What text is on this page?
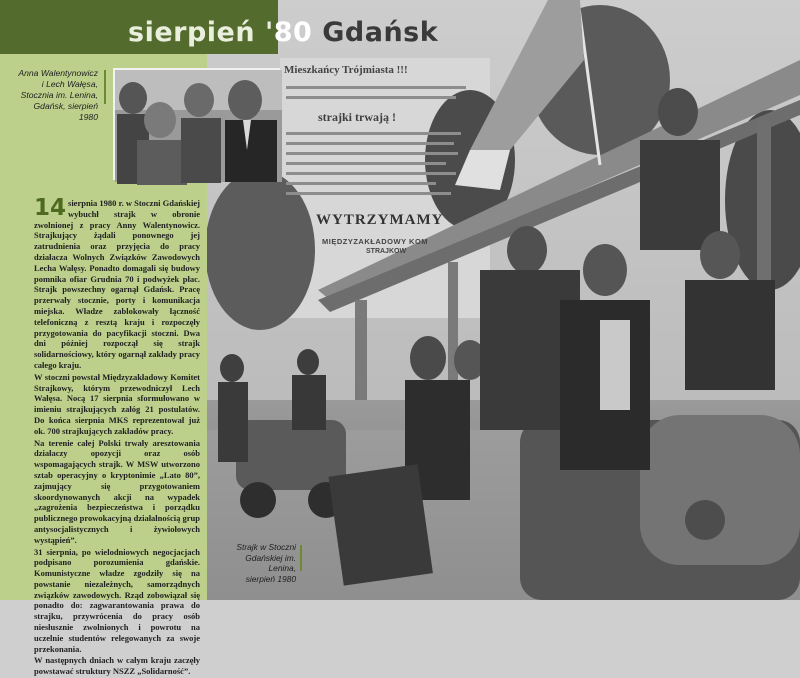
Mieszkańcy Trójmiasta !!!
strajki trwają !
WYTRZYMAMY
MIĘDZYZAKŁADOWY KOM
STRAJKOW
sierpień '80 Gdańsk
Anna Walentynowicz
i Lech Wałęsa,
Stocznia im. Lenina,
Gdańsk, sierpień 1980

14 sierpnia 1980 r. w Stoczni Gdańskiej wybuchł strajk w obronie zwolnionej z pracy Anny Walentynowicz. Strajkujący żądali ponownego jej zatrudnienia oraz przyjęcia do pracy działacza Wolnych Związków Zawodowych Lecha Wałęsy. Ponadto domagali się budowy pomnika ofiar Grudnia 70 i podwyżek płac. Strajk powszechny ogarnął Gdańsk. Pracę przerwały stocznie, porty i komunikacja miejska. Władze zablokowały łączność telefoniczną z resztą kraju i rozpoczęły przygotowania do pacyfikacji stoczni. Dwa dni później rozpoczął się strajk solidarnościowy, który ogarnął zakłady pracy całego kraju.

W stoczni powstał Międzyzakładowy Komitet Strajkowy, którym przewodniczył Lech Wałęsa. Nocą 17 sierpnia sformułowano w imieniu strajkujących załóg 21 postulatów. Do końca sierpnia MKS reprezentował już ok. 700 strajkujących zakładów pracy.

Na terenie całej Polski trwały aresztowania działaczy opozycji oraz osób wspomagających strajk. W MSW utworzono sztab operacyjny o kryptonimie „Lato 80”, zajmujący się przygotowaniem skoordynowanych akcji na wypadek „zagrożenia bezpieczeństwa i porządku publicznego prowokacyjną działalnością grup antysocjalistycznych i żywiołowych wystąpień”.

31 sierpnia, po wielodniowych negocjacjach podpisano porozumienia gdańskie. Komunistyczne władze zgodziły się na powstanie niezależnych, samorządnych związków zawodowych. Rząd zobowiązał się ponadto do: zagwarantowania prawa do strajku, przywrócenia do pracy osób niesłusznie zwolnionych i powrotu na uczelnie studentów relegowanych za swoje przekonania.

W następnych dniach w całym kraju zaczęły powstawać struktury NSZZ „Solidarność”.

Strajk w Stoczni
Gdańskiej im. Lenina,
sierpień 1980
